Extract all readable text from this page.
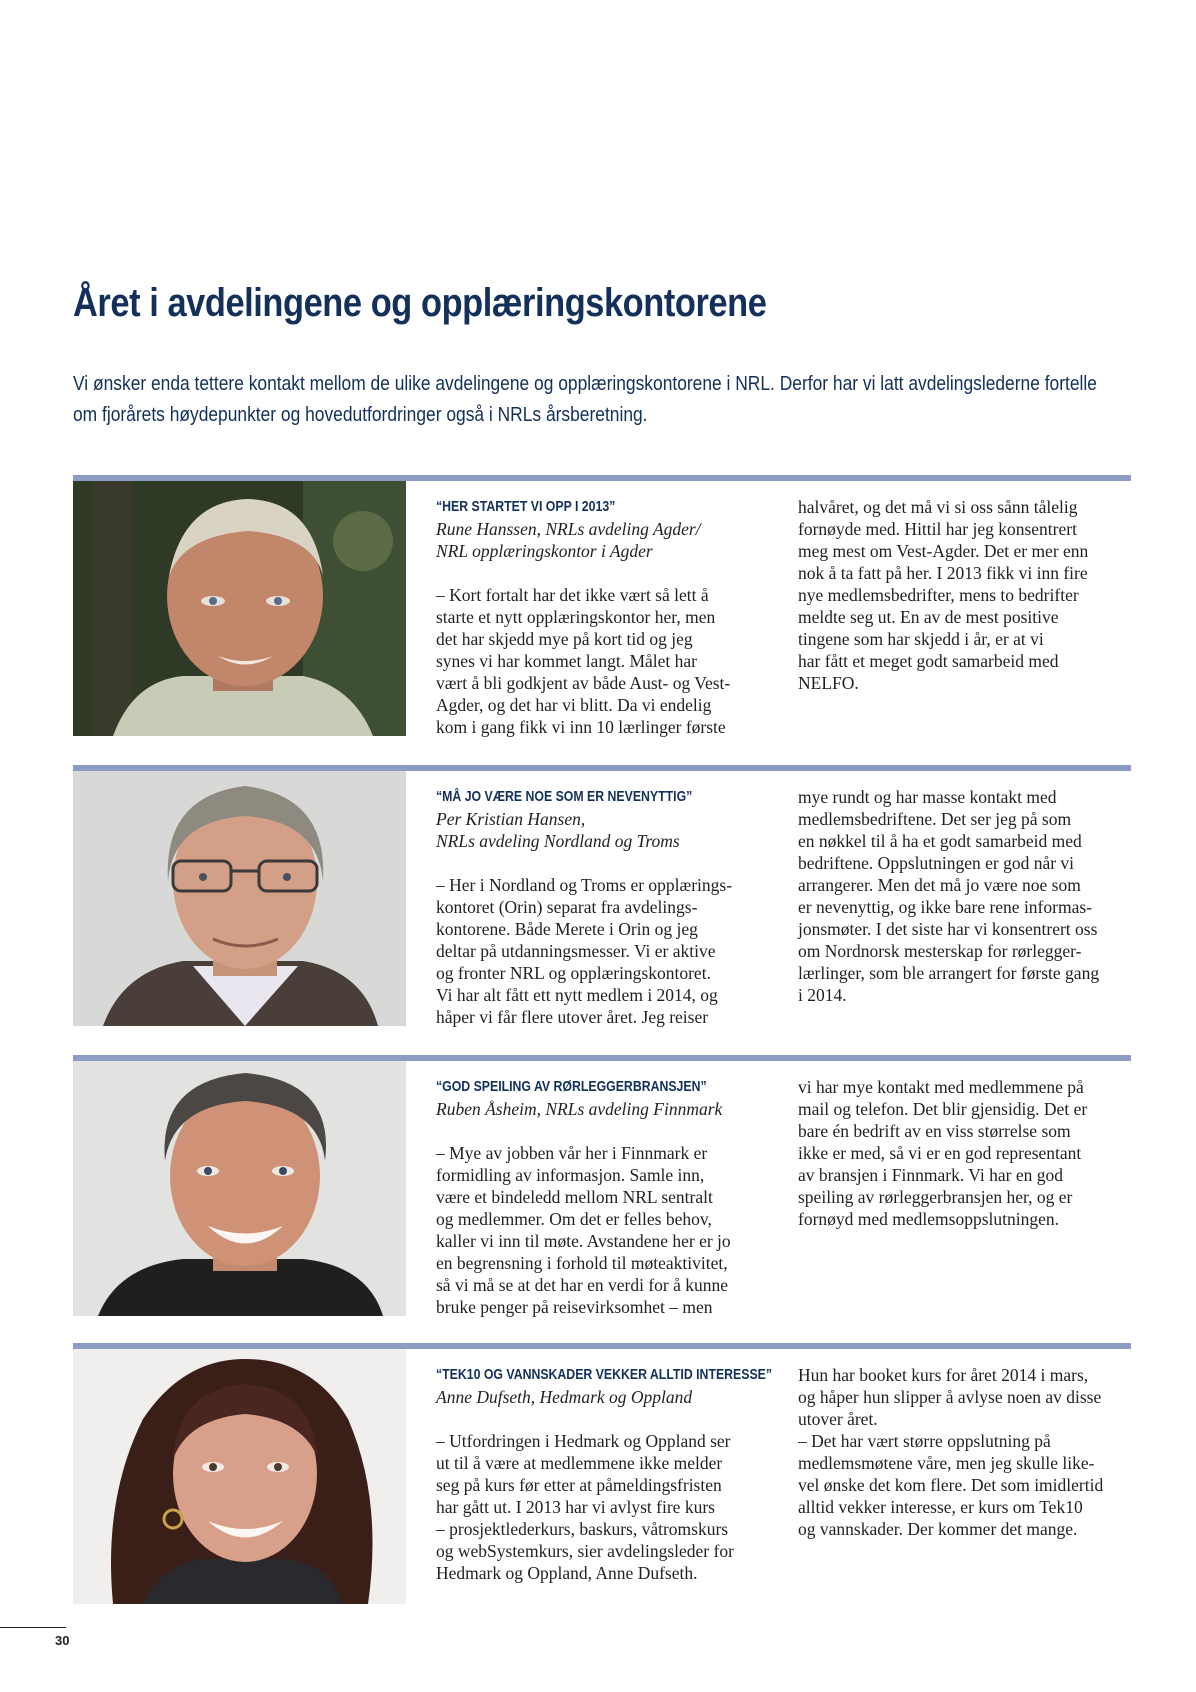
Året i avdelingene og opplæringskontorene

Vi ønsker enda tettere kontakt mellom de ulike avdelingene og opplæringskontorene i NRL. Derfor har vi latt avdelingslederne fortelle om fjorårets høydepunkter og hovedutfordringer også i NRLs årsberetning.

“HER STARTET VI OPP I 2013”

Rune Hanssen, NRLs avdeling Agder/
NRL opplæringskontor i Agder

– Kort fortalt har det ikke vært så lett å
starte et nytt opplæringskontor her, men
det har skjedd mye på kort tid og jeg
synes vi har kommet langt. Målet har
vært å bli godkjent av både Aust- og Vest-
Agder, og det har vi blitt. Da vi endelig
kom i gang fikk vi inn 10 lærlinger første

halvåret, og det må vi si oss sånn tålelig
fornøyde med. Hittil har jeg konsentrert
meg mest om Vest-Agder. Det er mer enn
nok å ta fatt på her. I 2013 fikk vi inn fire
nye medlemsbedrifter, mens to bedrifter
meldte seg ut. En av de mest positive
tingene som har skjedd i år, er at vi
har fått et meget godt samarbeid med
NELFO.

“MÅ JO VÆRE NOE SOM ER NEVENYTTIG”

Per Kristian Hansen,
NRLs avdeling Nordland og Troms

– Her i Nordland og Troms er opplærings-
kontoret (Orin) separat fra avdelings-
kontorene. Både Merete i Orin og jeg
deltar på utdanningsmesser. Vi er aktive
og fronter NRL og opplæringskontoret.
Vi har alt fått ett nytt medlem i 2014, og
håper vi får flere utover året. Jeg reiser

mye rundt og har masse kontakt med
medlemsbedriftene. Det ser jeg på som
en nøkkel til å ha et godt samarbeid med
bedriftene. Oppslutningen er god når vi
arrangerer. Men det må jo være noe som
er nevenyttig, og ikke bare rene informas-
jonsmøter. I det siste har vi konsentrert oss
om Nordnorsk mesterskap for rørlegger-
lærlinger, som ble arrangert for første gang
i 2014.

“GOD SPEILING AV RØRLEGGERBRANSJEN”

Ruben Åsheim, NRLs avdeling Finnmark

– Mye av jobben vår her i Finnmark er
formidling av informasjon. Samle inn,
være et bindeledd mellom NRL sentralt
og medlemmer. Om det er felles behov,
kaller vi inn til møte. Avstandene her er jo
en begrensning i forhold til møteaktivitet,
så vi må se at det har en verdi for å kunne
bruke penger på reisevirksomhet – men

vi har mye kontakt med medlemmene på
mail og telefon. Det blir gjensidig. Det er
bare én bedrift av en viss størrelse som
ikke er med, så vi er en god representant
av bransjen i Finnmark. Vi har en god
speiling av rørleggerbransjen her, og er
fornøyd med medlemsoppslutningen.

“TEK10 OG VANNSKADER VEKKER ALLTID INTERESSE”

Anne Dufseth, Hedmark og Oppland

– Utfordringen i Hedmark og Oppland ser
ut til å være at medlemmene ikke melder
seg på kurs før etter at påmeldingsfristen
har gått ut. I 2013 har vi avlyst fire kurs
– prosjektlederkurs, baskurs, våtromskurs
og webSystemkurs, sier avdelingsleder for
Hedmark og Oppland, Anne Dufseth.

Hun har booket kurs for året 2014 i mars,
og håper hun slipper å avlyse noen av disse
utover året.
– Det har vært større oppslutning på
medlemsmøtene våre, men jeg skulle like-
vel ønske det kom flere. Det som imidlertid
alltid vekker interesse, er kurs om Tek10
og vannskader. Der kommer det mange.

30
